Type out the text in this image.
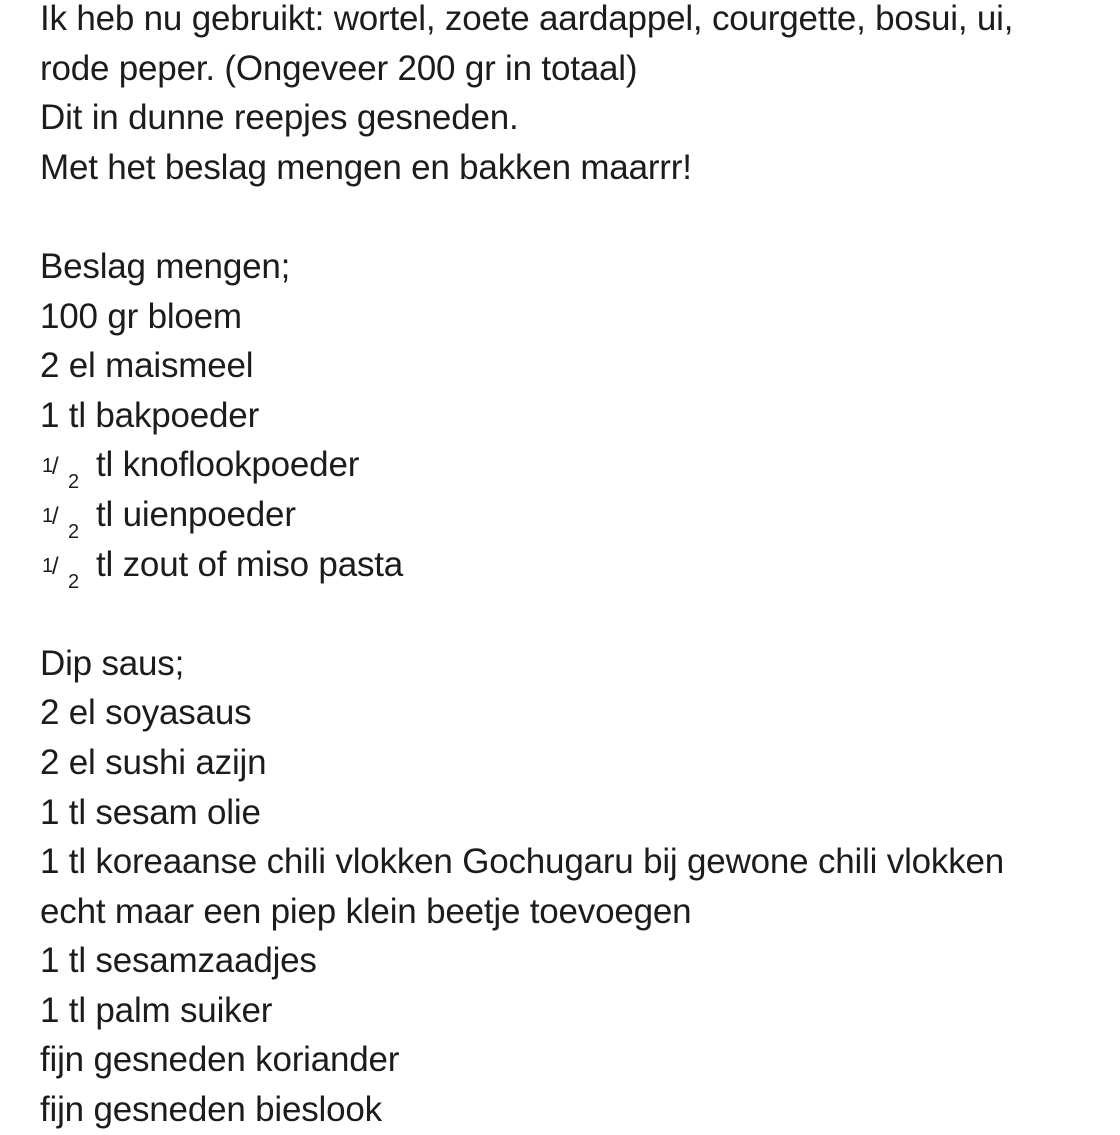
Ik heb nu gebruikt: wortel, zoete aardappel, courgette, bosui, ui,
rode peper. (Ongeveer 200 gr in totaal)
Dit in dunne reepjes gesneden.
Met het beslag mengen en bakken maarrr!
Beslag mengen;
100 gr bloem
2 el maismeel
1 tl bakpoeder
1 /
2 tl knoflookpoeder
1 /
2 tl uienpoeder
1 /
2 tl zout of miso pasta
Dip saus;
2 el soyasaus
2 el sushi azijn
1 tl sesam olie
1 tl koreaanse chili vlokken Gochugaru bij gewone chili vlokken
echt maar een piep klein beetje toevoegen
1 tl sesamzaadjes
1 tl palm suiker
fijn gesneden koriander
fijn gesneden bieslook
